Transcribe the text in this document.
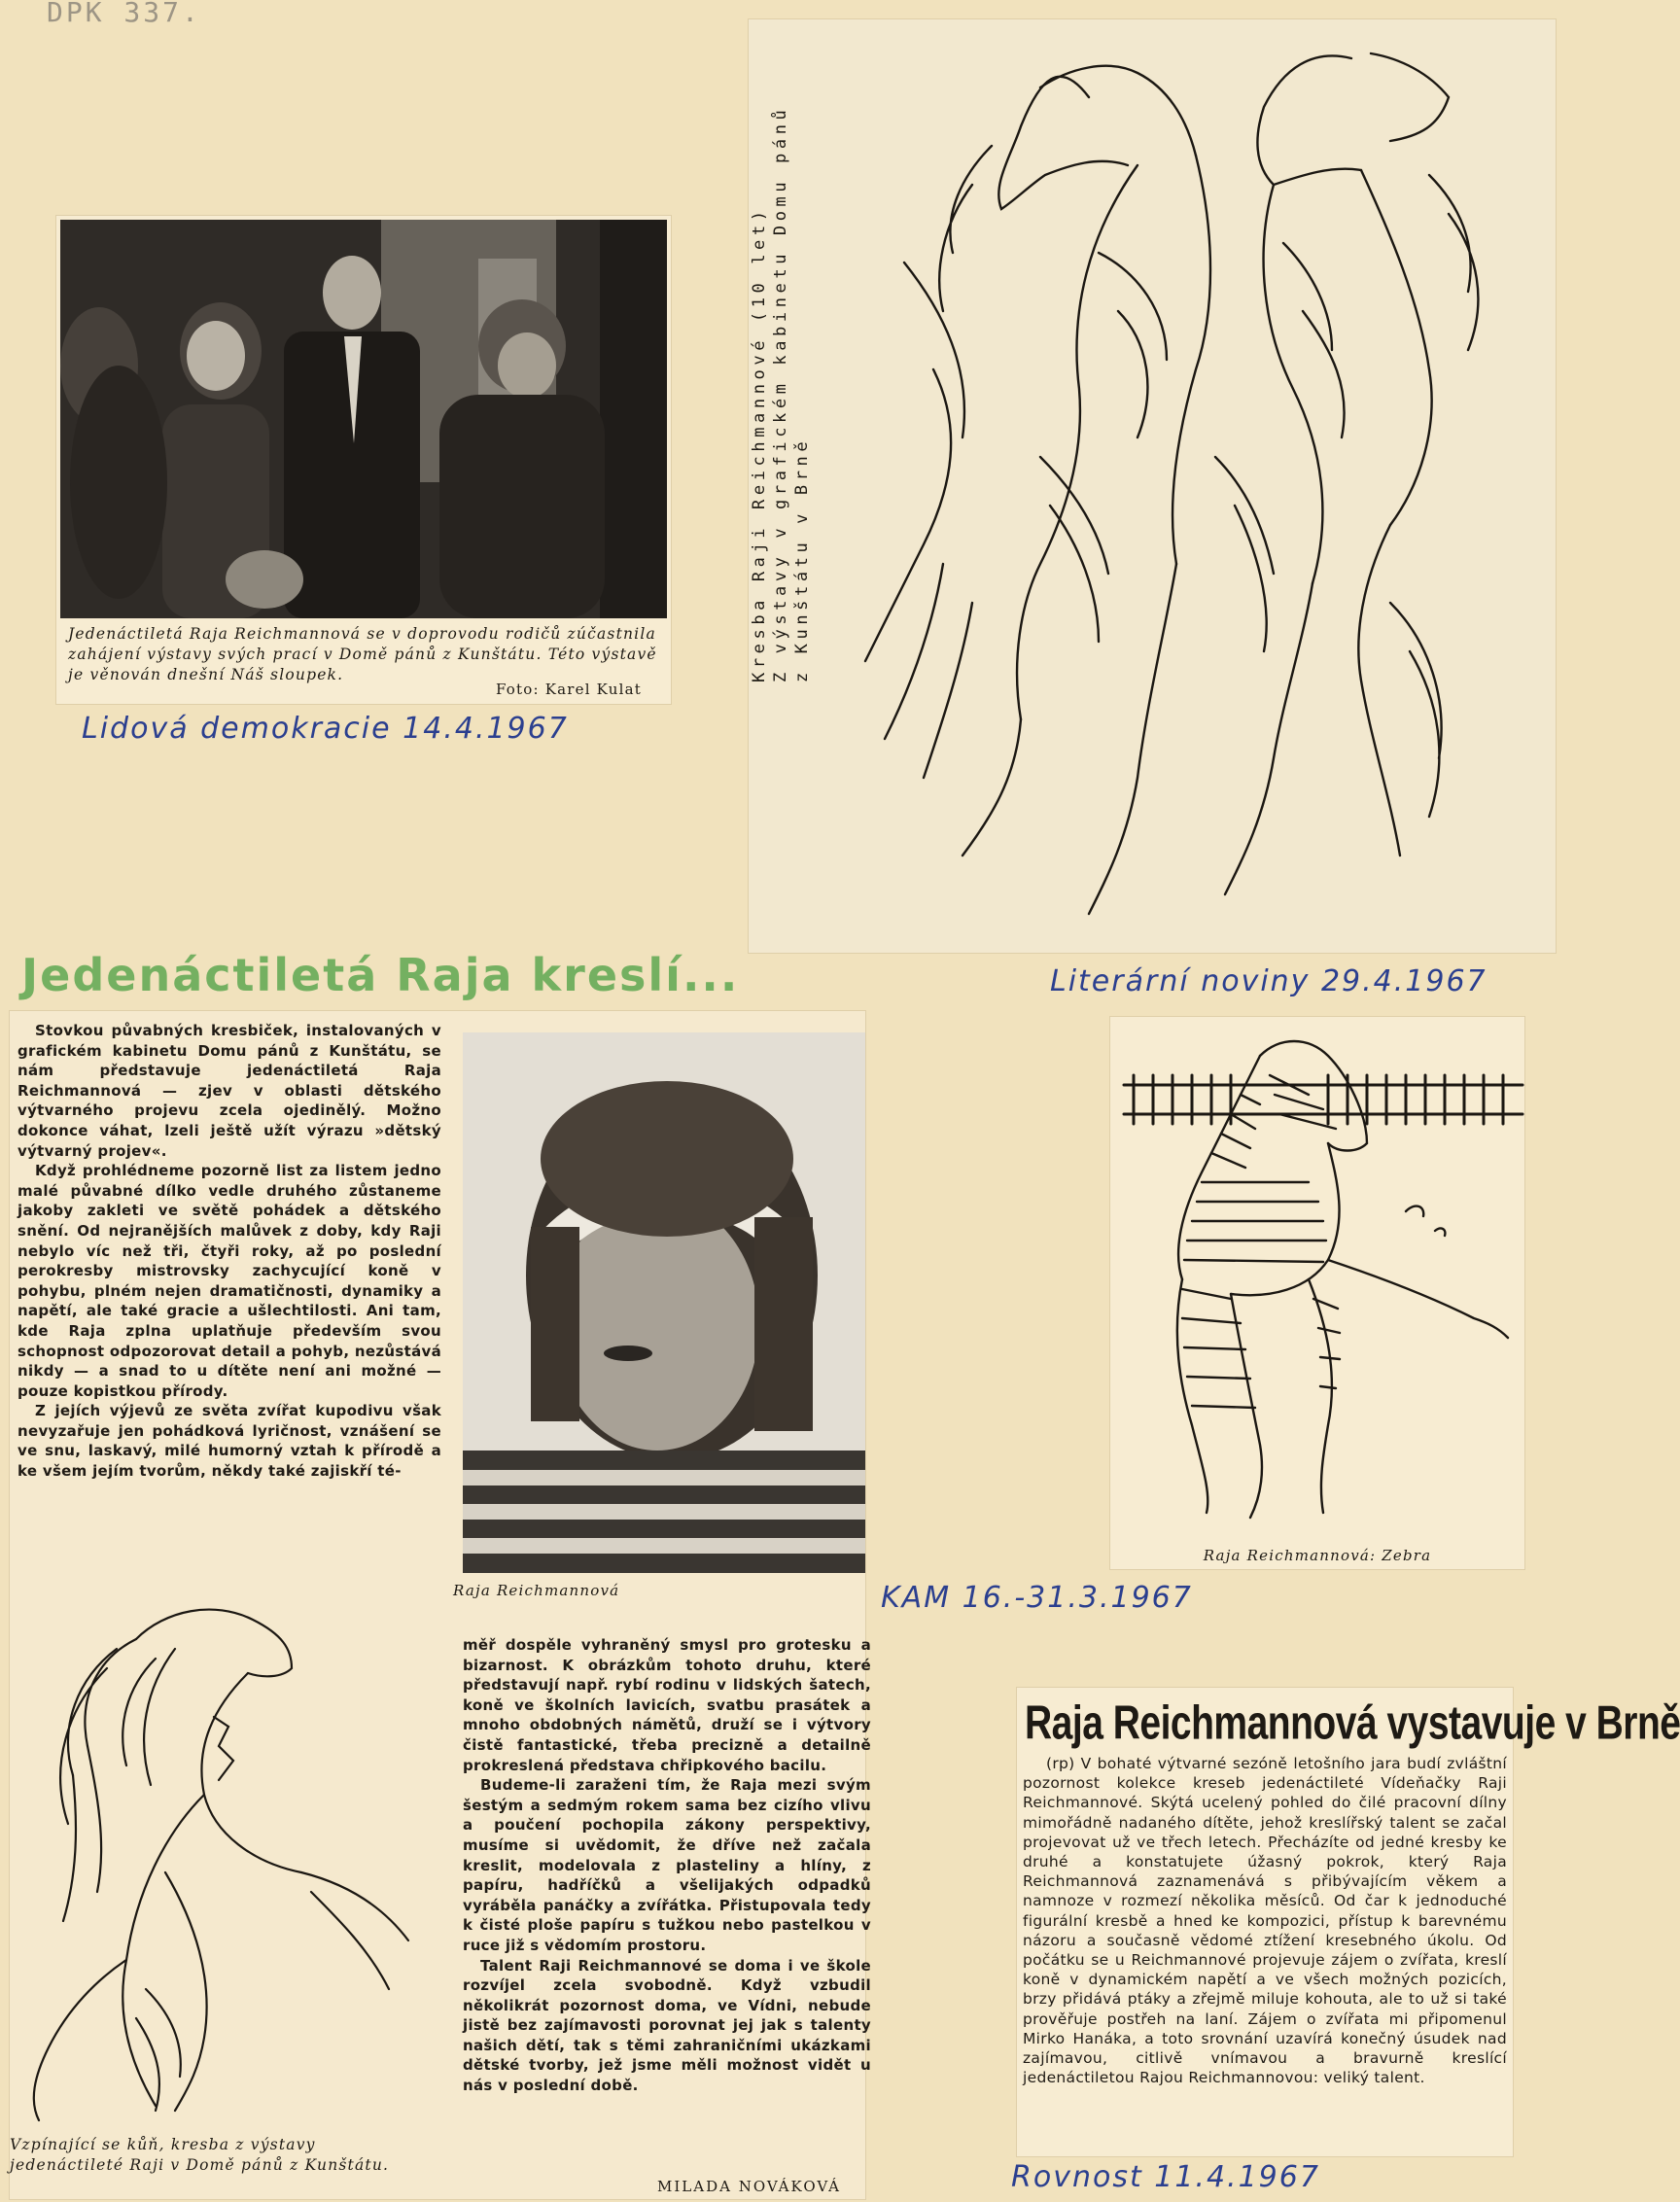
DPK 337.
Jedenáctiletá Raja Reichmannová se v doprovodu rodičů zúčastnila zahájení výstavy svých prací v Domě pánů z Kunštátu. Této výstavě je věnován dnešní Náš sloupek.
Foto: Karel Kulat
Lidová demokracie 14.4.1967
Kresba Raji Reichmannové (10 let) Z výstavy v grafickém kabinetu Domu pánů z Kunštátu v Brně
Literární noviny 29.4.1967
Jedenáctiletá Raja kreslí...

Stovkou půvabných kresbiček, instalovaných v grafickém kabinetu Domu pánů z Kunštátu, se nám představuje jedenáctiletá Raja Reichmannová — zjev v oblasti dětského výtvarného projevu zcela ojedinělý. Možno dokonce váhat, lzeli ještě užít výrazu »dětský výtvarný projev«.

Když prohlédneme pozorně list za listem jedno malé půvabné dílko vedle druhého zůstaneme jakoby zakleti ve světě pohádek a dětského snění. Od nejranějších malůvek z doby, kdy Raji nebylo víc než tři, čtyři roky, až po poslední perokresby mistrovsky zachycující koně v pohybu, plném nejen dramatičnosti, dynamiky a napětí, ale také gracie a ušlechtilosti. Ani tam, kde Raja zplna uplatňuje především svou schopnost odpozorovat detail a pohyb, nezůstává nikdy — a snad to u dítěte není ani možné — pouze kopistkou přírody.

Z jejích výjevů ze světa zvířat kupodivu však nevyzařuje jen pohádková lyričnost, vznášení se ve snu, laskavý, milé humorný vztah k přírodě a ke všem jejím tvorům, někdy také zajiskří té-

Raja Reichmannová

měř dospěle vyhraněný smysl pro grotesku a bizarnost. K obrázkům tohoto druhu, které představují např. rybí rodinu v lidských šatech, koně ve školních lavicích, svatbu prasátek a mnoho obdobných námětů, druží se i výtvory čistě fantastické, třeba precizně a detailně prokreslená představa chřipkového bacilu.

Budeme-li zaraženi tím, že Raja mezi svým šestým a sedmým rokem sama bez cizího vlivu a poučení pochopila zákony perspektivy, musíme si uvědomit, že dříve než začala kreslit, modelovala z plasteliny a hlíny, z papíru, hadříčků a všelijakých odpadků vyráběla panáčky a zvířátka. Přistupovala tedy k čisté ploše papíru s tužkou nebo pastelkou v ruce již s vědomím prostoru.

Talent Raji Reichmannové se doma i ve škole rozvíjel zcela svobodně. Když vzbudil několikrát pozornost doma, ve Vídni, nebude jistě bez zajímavosti porovnat jej jak s talenty našich dětí, tak s těmi zahraničními ukázkami dětské tvorby, jež jsme měli možnost vidět u nás v poslední době.

Vzpínající se kůň, kresba z výstavy jedenáctileté Raji v Domě pánů z Kunštátu.
MILADA NOVÁKOVÁ
Raja Reichmannová: Zebra
KAM 16.-31.3.1967
Raja Reichmannová vystavuje v Brně

(rp) V bohaté výtvarné sezóně letošního jara budí zvláštní pozornost kolekce kreseb jedenáctileté Vídeňačky Raji Reichmannové. Skýtá ucelený pohled do čilé pracovní dílny mimořádně nadaného dítěte, jehož kreslířský talent se začal projevovat už ve třech letech. Přecházíte od jedné kresby ke druhé a konstatujete úžasný pokrok, který Raja Reichmannová zaznamenává s přibývajícím věkem a namnoze v rozmezí několika měsíců. Od čar k jednoduché figurální kresbě a hned ke kompozici, přístup k barevnému názoru a současně vědomé ztížení kresebného úkolu. Od počátku se u Reichmannové projevuje zájem o zvířata, kreslí koně v dynamickém napětí a ve všech možných pozicích, brzy přidává ptáky a zřejmě miluje kohouta, ale to už si také prověřuje postřeh na laní. Zájem o zvířata mi připomenul Mirko Hanáka, a toto srovnání uzavírá konečný úsudek nad zajímavou, citlivě vnímavou a bravurně kreslící jedenáctiletou Rajou Reichmannovou: veliký talent.

Rovnost 11.4.1967
